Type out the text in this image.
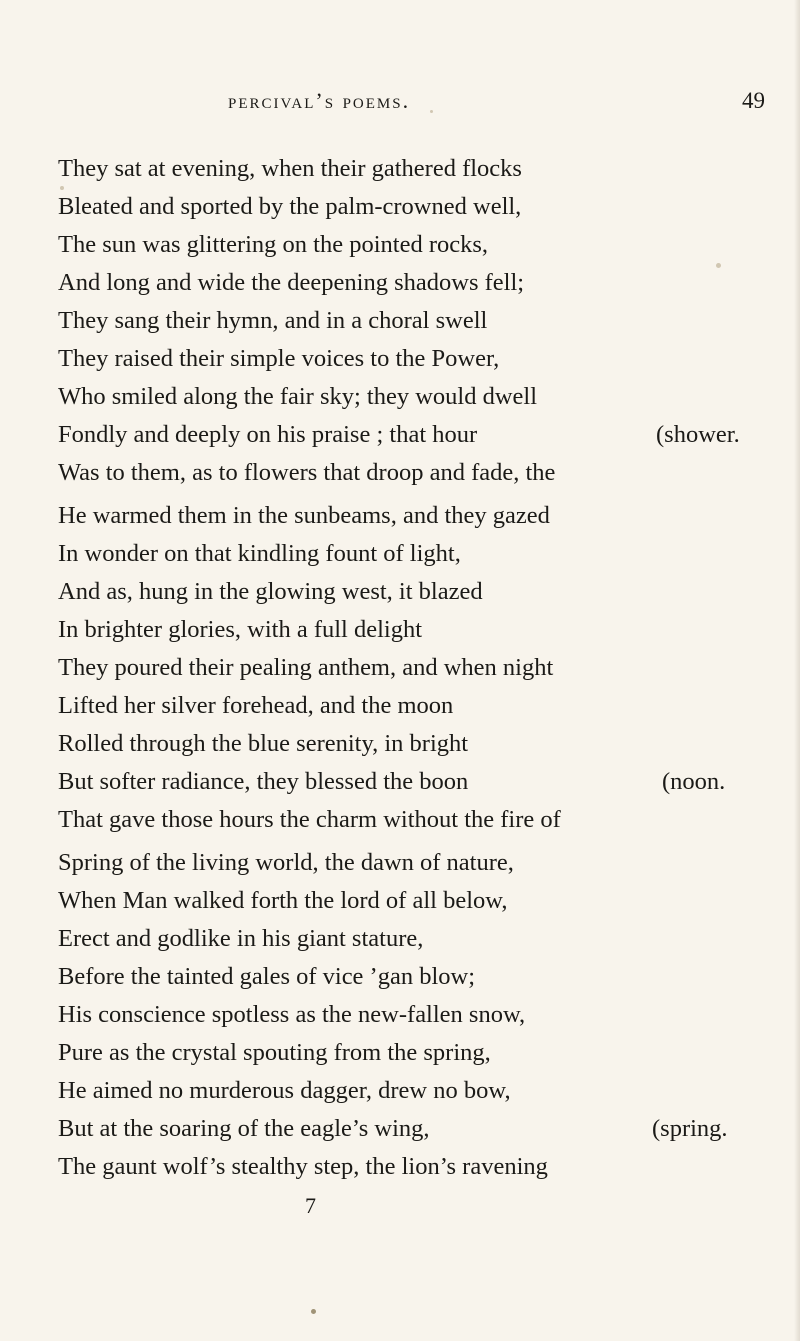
percival’s poems.	49
They sat at evening, when their gathered flocks
Bleated and sported by the palm-crowned well,
The sun was glittering on the pointed rocks,
And long and wide the deepening shadows fell;
They sang their hymn, and in a choral swell
They raised their simple voices to the Power,
Who smiled along the fair sky; they would dwell
Fondly and deeply on his praise ; that hour	(shower.
Was to them, as to flowers that droop and fade, the
He warmed them in the sunbeams, and they gazed
In wonder on that kindling fount of light,
And as, hung in the glowing west, it blazed
In brighter glories, with a full delight
They poured their pealing anthem, and when night
Lifted her silver forehead, and the moon
Rolled through the blue serenity, in bright
But softer radiance, they blessed the boon	(noon.
That gave those hours the charm without the fire of
Spring of the living world, the dawn of nature,
When Man walked forth the lord of all below,
Erect and godlike in his giant stature,
Before the tainted gales of vice ’gan blow;
His conscience spotless as the new-fallen snow,
Pure as the crystal spouting from the spring,
He aimed no murderous dagger, drew no bow,
But at the soaring of the eagle’s wing,	(spring.
The gaunt wolf’s stealthy step, the lion’s ravening
7
